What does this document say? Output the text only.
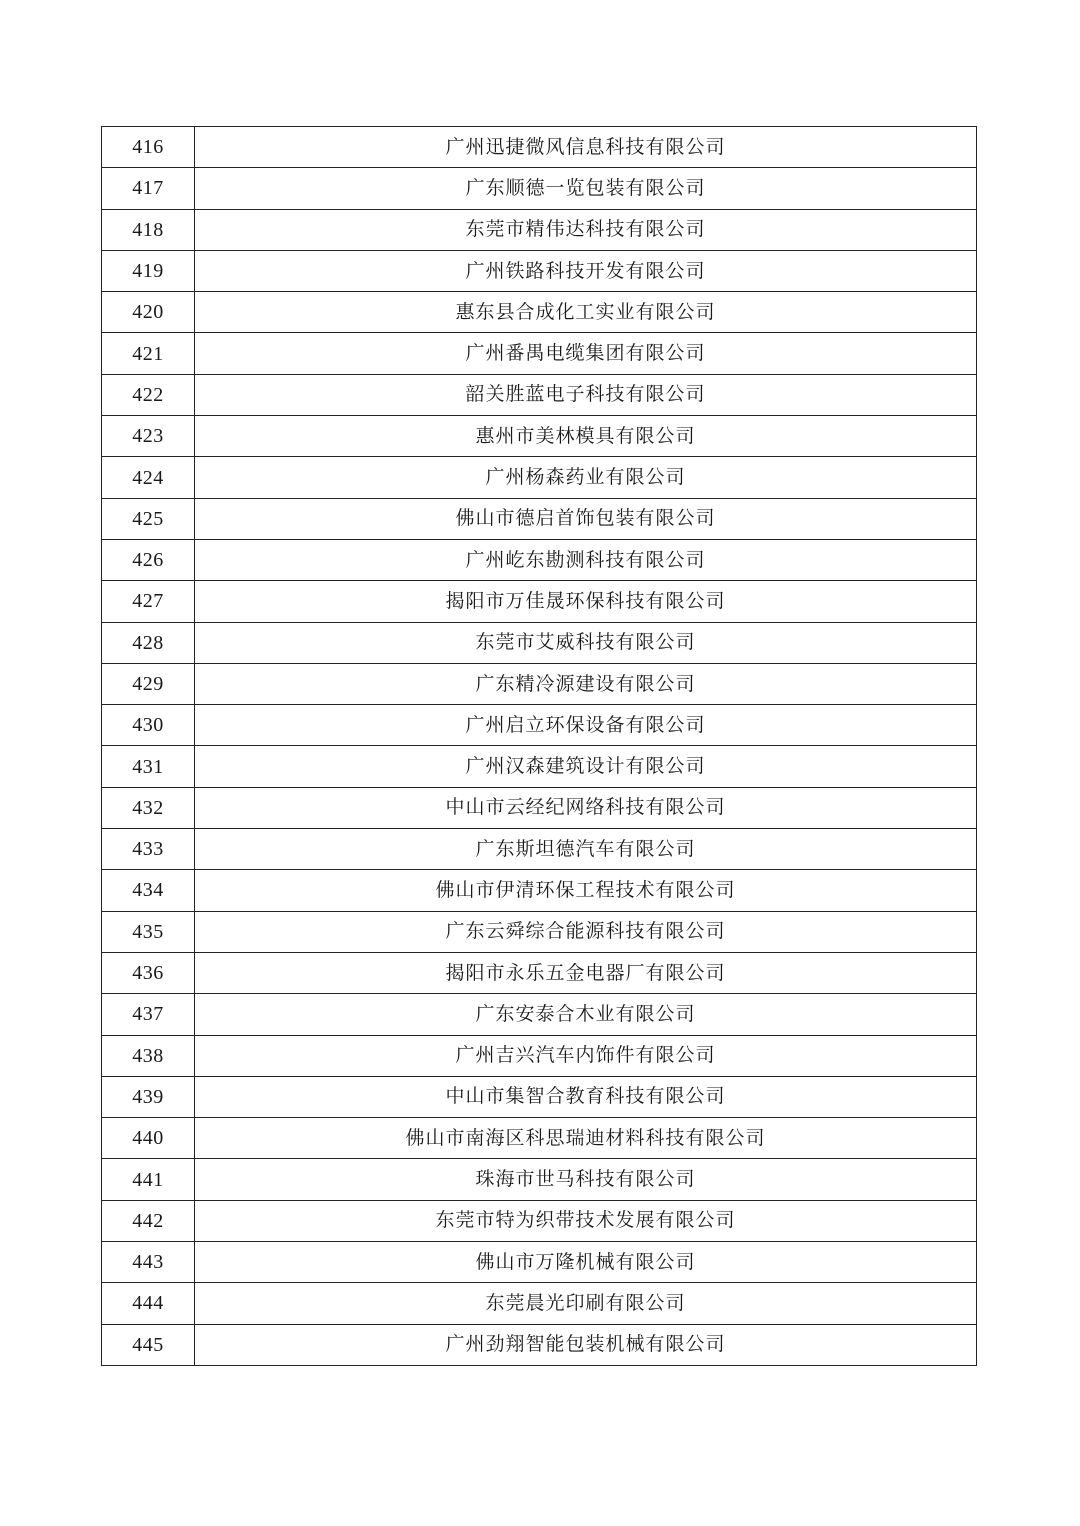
416	广州迅捷微风信息科技有限公司
417	广东顺德一览包装有限公司
418	东莞市精伟达科技有限公司
419	广州铁路科技开发有限公司
420	惠东县合成化工实业有限公司
421	广州番禺电缆集团有限公司
422	韶关胜蓝电子科技有限公司
423	惠州市美林模具有限公司
424	广州杨森药业有限公司
425	佛山市德启首饰包装有限公司
426	广州屹东勘测科技有限公司
427	揭阳市万佳晟环保科技有限公司
428	东莞市艾威科技有限公司
429	广东精冷源建设有限公司
430	广州启立环保设备有限公司
431	广州汉森建筑设计有限公司
432	中山市云经纪网络科技有限公司
433	广东斯坦德汽车有限公司
434	佛山市伊清环保工程技术有限公司
435	广东云舜综合能源科技有限公司
436	揭阳市永乐五金电器厂有限公司
437	广东安泰合木业有限公司
438	广州吉兴汽车内饰件有限公司
439	中山市集智合教育科技有限公司
440	佛山市南海区科思瑞迪材料科技有限公司
441	珠海市世马科技有限公司
442	东莞市特为织带技术发展有限公司
443	佛山市万隆机械有限公司
444	东莞晨光印刷有限公司
445	广州劲翔智能包装机械有限公司
